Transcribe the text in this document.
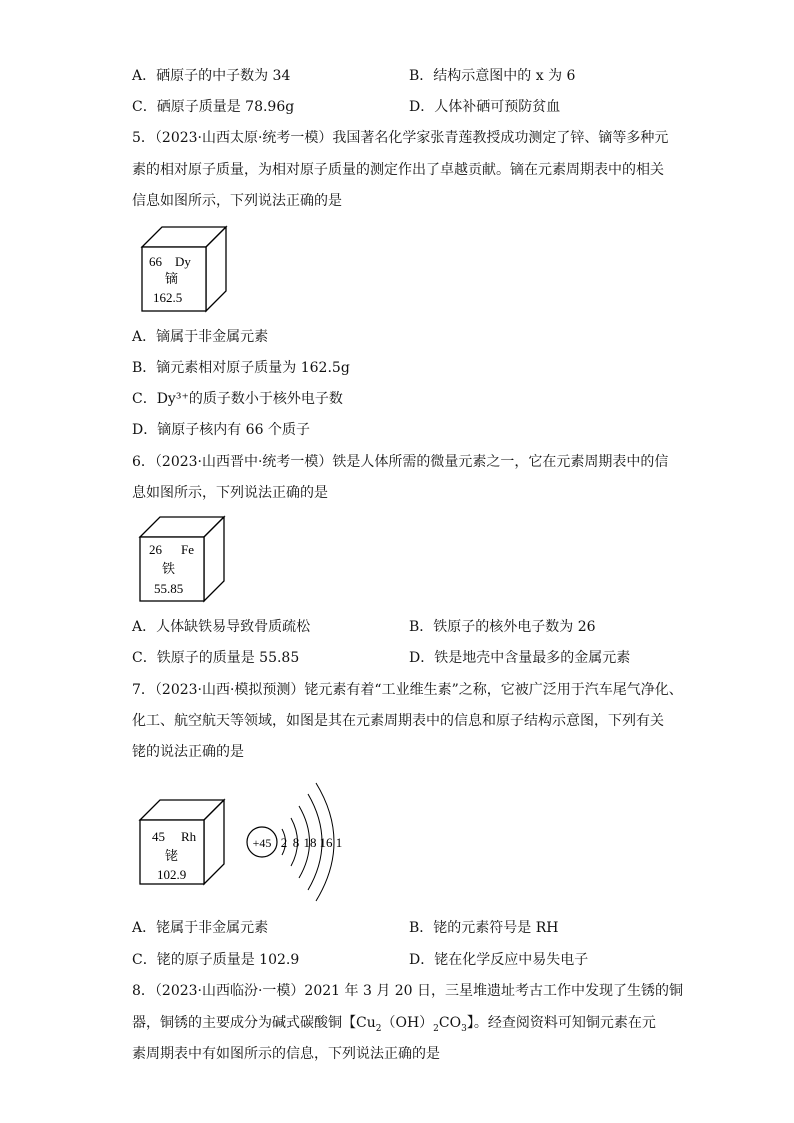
A．硒原子的中子数为 34	B．结构示意图中的 x 为 6
C．硒原子质量是 78.96g	D．人体补硒可预防贫血
5．（2023·山西太原·统考一模）我国著名化学家张青莲教授成功测定了锌、镝等多种元
素的相对原子质量，为相对原子质量的测定作出了卓越贡献。镝在元素周期表中的相关
信息如图所示，下列说法正确的是
66 Dy
镝
162.5
A．镝属于非金属元素
B．镝元素相对原子质量为 162.5g
C．Dy³⁺的质子数小于核外电子数
D．镝原子核内有 66 个质子
6．（2023·山西晋中·统考一模）铁是人体所需的微量元素之一，它在元素周期表中的信
息如图所示，下列说法正确的是
26 Fe
铁
55.85
A．人体缺铁易导致骨质疏松	B．铁原子的核外电子数为 26
C．铁原子的质量是 55.85	D．铁是地壳中含量最多的金属元素
7．（2023·山西·模拟预测）铑元素有着“工业维生素”之称，它被广泛用于汽车尾气净化、
化工、航空航天等领域，如图是其在元素周期表中的信息和原子结构示意图，下列有关
铑的说法正确的是
45 Rh
铑
102.9
+45 2 8 18 16 1
A．铑属于非金属元素	B．铑的元素符号是 RH
C．铑的原子质量是 102.9	D．铑在化学反应中易失电子
8．（2023·山西临汾·一模）2021 年 3 月 20 日，三星堆遗址考古工作中发现了生锈的铜
器，铜锈的主要成分为碱式碳酸铜【$Cu_2(OH)_2CO_3$】。经查阅资料可知铜元素在元
素周期表中有如图所示的信息，下列说法正确的是
